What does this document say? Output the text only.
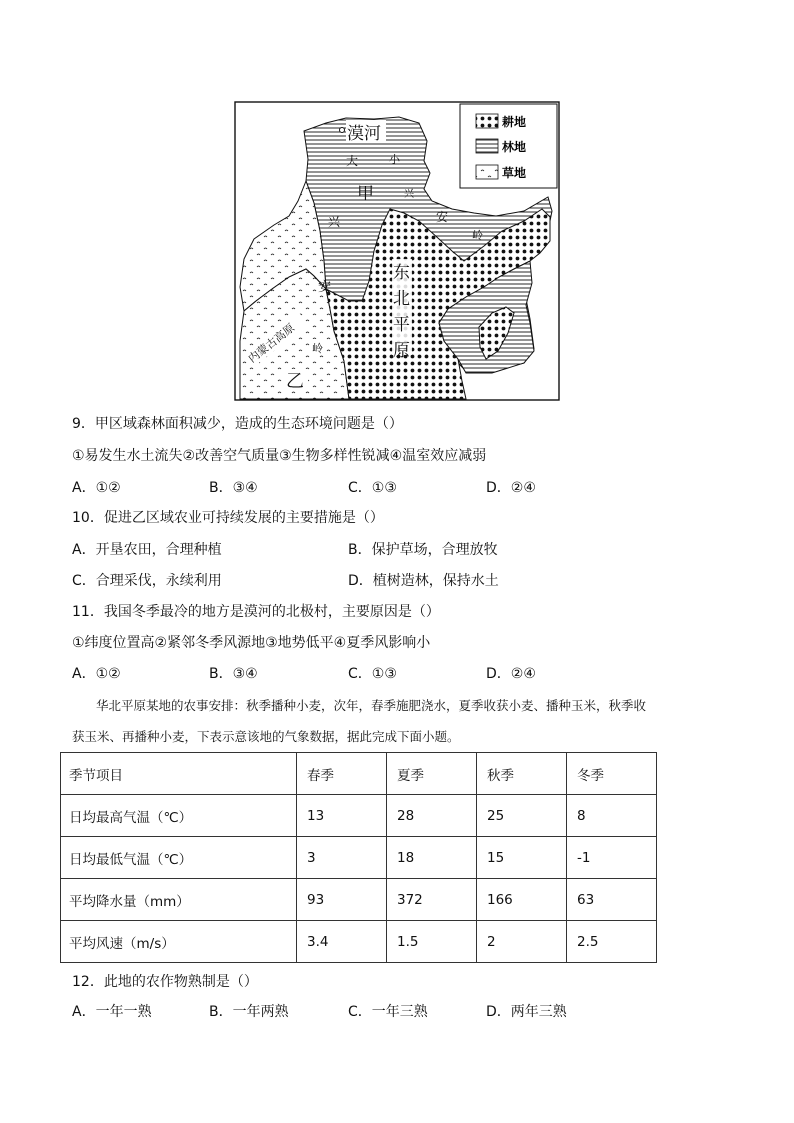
耕地
林地
草地
漠河
甲
大	小
兴
安
岭
兴
安
岭
东
北
平
原
乙
内蒙古高原
9．甲区域森林面积减少，造成的生态环境问题是（）
①易发生水土流失②改善空气质量③生物多样性锐减④温室效应减弱
A．①②	B．③④	C．①③	D．②④
10．促进乙区域农业可持续发展的主要措施是（）
A．开垦农田，合理种植	B．保护草场，合理放牧
C．合理采伐，永续利用	D．植树造林，保持水土
11．我国冬季最冷的地方是漠河的北极村，主要原因是（）
①纬度位置高②紧邻冬季风源地③地势低平④夏季风影响小
A．①②	B．③④	C．①③	D．②④
华北平原某地的农事安排：秋季播种小麦，次年，春季施肥浇水，夏季收获小麦、播种玉米，秋季收
获玉米、再播种小麦，下表示意该地的气象数据，据此完成下面小题。
季节项目	春季	夏季	秋季	冬季
日均最高气温（℃）	13	28	25	8
日均最低气温（℃）	3	18	15	-1
平均降水量（mm）	93	372	166	63
平均风速（m/s）	3.4	1.5	2	2.5
12．此地的农作物熟制是（）
A．一年一熟	B．一年两熟	C．一年三熟	D．两年三熟
